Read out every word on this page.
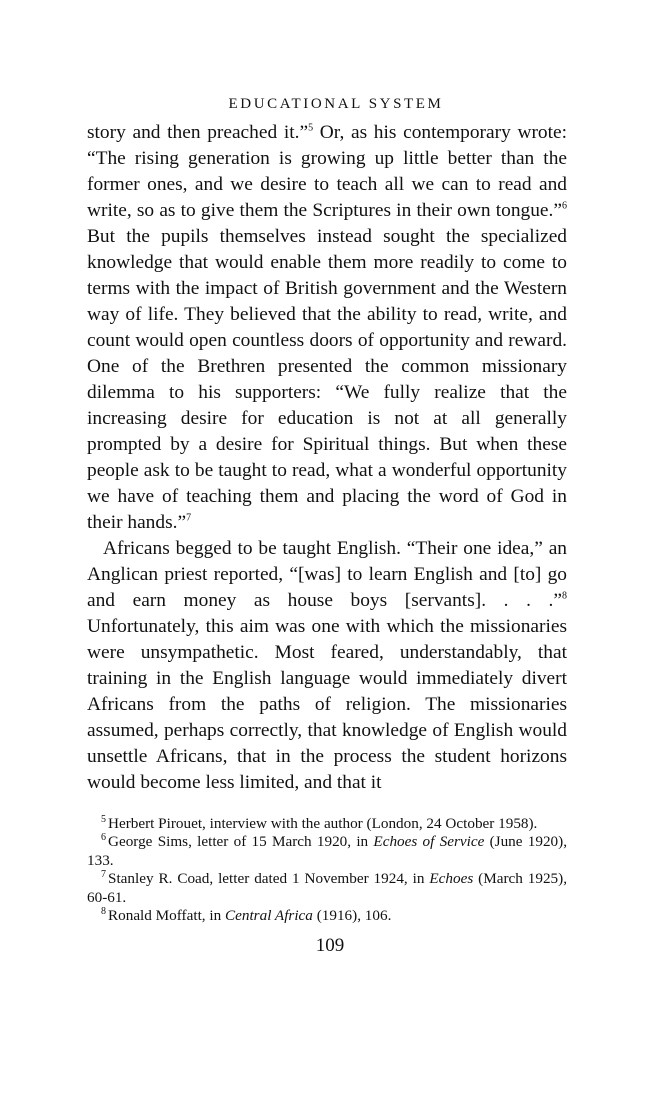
EDUCATIONAL SYSTEM

story and then preached it.”$^5$ Or, as his contemporary wrote: “The rising generation is growing up little better than the former ones, and we desire to teach all we can to read and write, so as to give them the Scriptures in their own tongue.”$^6$ But the pupils themselves instead sought the specialized knowledge that would enable them more readily to come to terms with the impact of British government and the Western way of life. They believed that the ability to read, write, and count would open countless doors of opportunity and reward. One of the Brethren presented the common missionary dilemma to his supporters: “We fully realize that the increasing desire for education is not at all generally prompted by a desire for Spiritual things. But when these people ask to be taught to read, what a wonderful opportunity we have of teaching them and placing the word of God in their hands.”$^7$

Africans begged to be taught English. “Their one idea,” an Anglican priest reported, “[was] to learn English and [to] go and earn money as house boys [servants]. . . .”$^8$ Unfortunately, this aim was one with which the missionaries were unsympathetic. Most feared, understandably, that training in the English language would immediately divert Africans from the paths of religion. The missionaries assumed, perhaps correctly, that knowledge of English would unsettle Africans, that in the process the student horizons would become less limited, and that it

$^5$ Herbert Pirouet, interview with the author (London, 24 October 1958).

$^6$ George Sims, letter of 15 March 1920, in Echoes of Service (June 1920), 133.

$^7$ Stanley R. Coad, letter dated 1 November 1924, in Echoes (March 1925), 60-61.

$^8$ Ronald Moffatt, in Central Africa (1916), 106.

109
